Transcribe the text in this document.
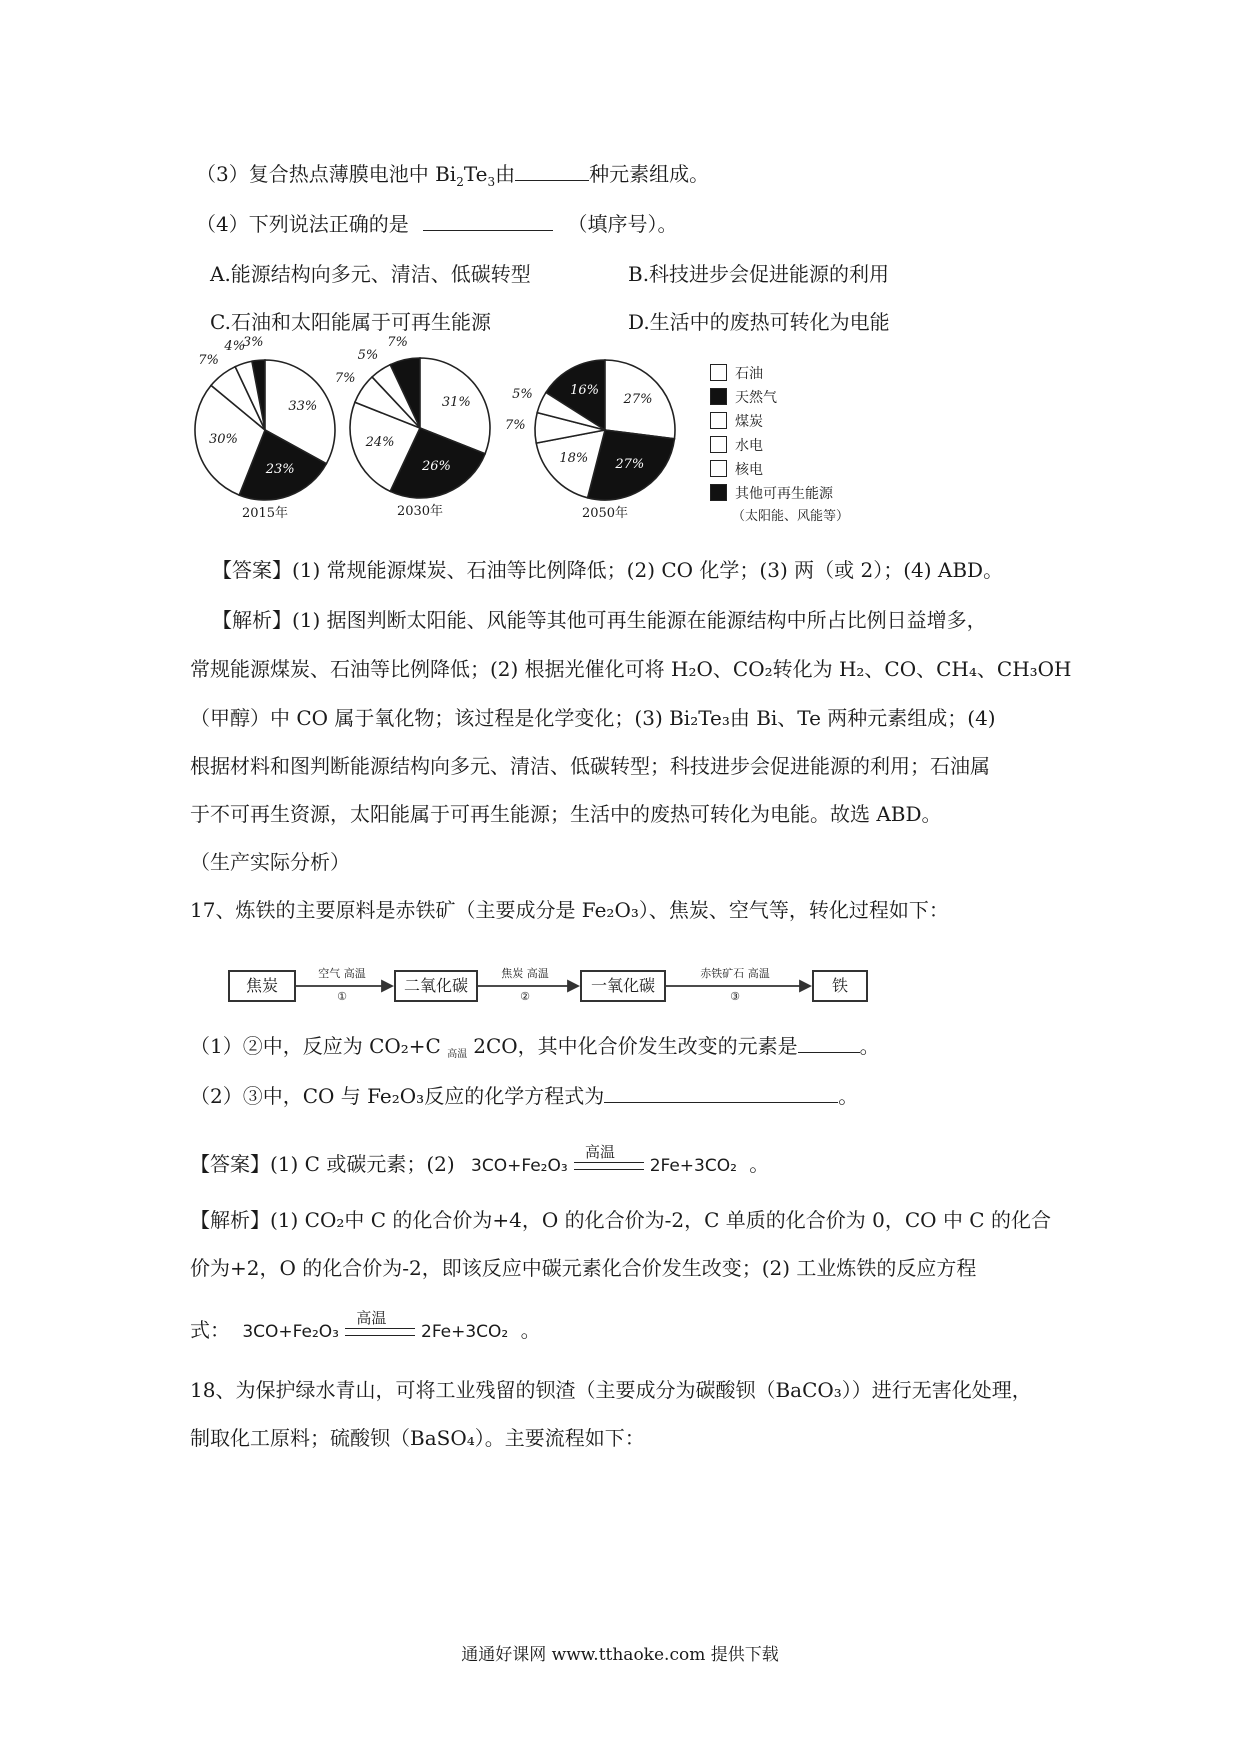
（3）复合热点薄膜电池中 $Bi_2Te_3$由	种元素组成。
（4）下列说法正确的是	（填序号）。
A.能源结构向多元、清洁、低碳转型	B.科技进步会促进能源的利用
C.石油和太阳能属于可再生能源	D.生活中的废热可转化为电能
3%
33%
23%
30%
7%
4%
2015年
7%
31%
26%
24%
7%
5%
2030年
16%
27%
27%
18%
7%
5%
2050年
石油
天然气
煤炭
水电
核电
其他可再生能源
（太阳能、风能等）
【答案】(1) 常规能源煤炭、石油等比例降低；(2) CO 化学；(3) 两（或 2）；(4) ABD。
【解析】(1) 据图判断太阳能、风能等其他可再生能源在能源结构中所占比例日益增多，
常规能源煤炭、石油等比例降低；(2) 根据光催化可将 H₂O、CO₂转化为 H₂、CO、CH₄、CH₃OH
（甲醇）中 CO 属于氧化物；该过程是化学变化；(3) Bi₂Te₃由 Bi、Te 两种元素组成；(4)
根据材料和图判断能源结构向多元、清洁、低碳转型；科技进步会促进能源的利用；石油属
于不可再生资源，太阳能属于可再生能源；生活中的废热可转化为电能。故选 ABD。
（生产实际分析）
17、炼铁的主要原料是赤铁矿（主要成分是 Fe₂O₃）、焦炭、空气等，转化过程如下：
焦炭	二氧化碳	一氧化碳	铁
空气 高温
①
焦炭 高温
②
赤铁矿石 高温
③
（1）②中，反应为 CO₂+C 高温 2CO，其中化合价发生改变的元素是	。
（2）③中，CO 与 Fe₂O₃反应的化学方程式为	。
【答案】(1) C 或碳元素；(2) 3CO+Fe₂O₃
高温
2Fe+3CO₂ 。
【解析】(1) CO₂中 C 的化合价为+4，O 的化合价为-2，C 单质的化合价为 0，CO 中 C 的化合
价为+2，O 的化合价为-2，即该反应中碳元素化合价发生改变；(2) 工业炼铁的反应方程
式： 3CO+Fe₂O₃
高温
2Fe+3CO₂ 。
18、为保护绿水青山，可将工业残留的钡渣（主要成分为碳酸钡（BaCO₃））进行无害化处理，
制取化工原料；硫酸钡（BaSO₄）。主要流程如下：
通通好课网 www.tthaoke.com 提供下载
